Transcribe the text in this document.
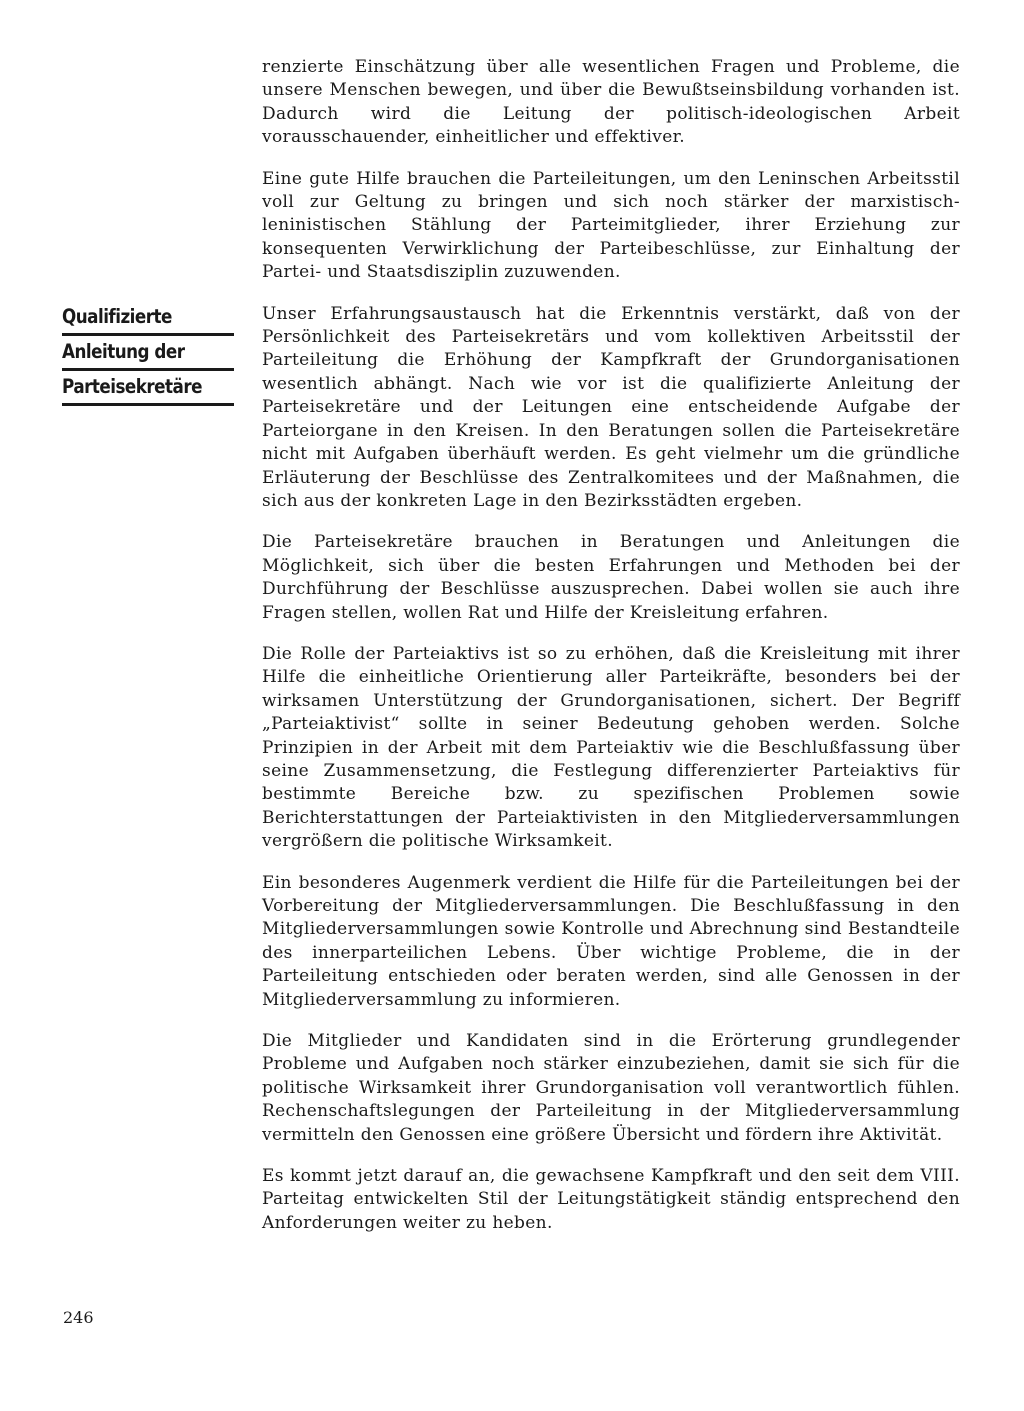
Qualifizierte
Anleitung der
Parteisekretäre

renzierte Einschätzung über alle wesentlichen Fragen und Probleme, die unsere Menschen bewegen, und über die Bewußtseinsbildung vorhanden ist. Dadurch wird die Leitung der politisch-ideologischen Arbeit vorausschauender, einheitlicher und effektiver.

Eine gute Hilfe brauchen die Parteileitungen, um den Leninschen Arbeitsstil voll zur Geltung zu bringen und sich noch stärker der marxistisch-leninistischen Stählung der Parteimitglieder, ihrer Erziehung zur konsequenten Verwirklichung der Parteibeschlüsse, zur Einhaltung der Partei- und Staatsdisziplin zuzuwenden.

Unser Erfahrungsaustausch hat die Erkenntnis verstärkt, daß von der Persönlichkeit des Parteisekretärs und vom kollektiven Arbeitsstil der Parteileitung die Erhöhung der Kampfkraft der Grundorganisationen wesentlich abhängt. Nach wie vor ist die qualifizierte Anleitung der Parteisekretäre und der Leitungen eine entscheidende Aufgabe der Parteiorgane in den Kreisen. In den Beratungen sollen die Parteisekretäre nicht mit Aufgaben überhäuft werden. Es geht vielmehr um die gründliche Erläuterung der Beschlüsse des Zentralkomitees und der Maßnahmen, die sich aus der konkreten Lage in den Bezirksstädten ergeben.

Die Parteisekretäre brauchen in Beratungen und Anleitungen die Möglichkeit, sich über die besten Erfahrungen und Methoden bei der Durchführung der Beschlüsse auszusprechen. Dabei wollen sie auch ihre Fragen stellen, wollen Rat und Hilfe der Kreisleitung erfahren.

Die Rolle der Parteiaktivs ist so zu erhöhen, daß die Kreisleitung mit ihrer Hilfe die einheitliche Orientierung aller Parteikräfte, besonders bei der wirksamen Unterstützung der Grundorganisationen, sichert. Der Begriff „Parteiaktivist“ sollte in seiner Bedeutung gehoben werden. Solche Prinzipien in der Arbeit mit dem Parteiaktiv wie die Beschlußfassung über seine Zusammensetzung, die Festlegung differenzierter Parteiaktivs für bestimmte Bereiche bzw. zu spezifischen Problemen sowie Berichterstattungen der Parteiaktivisten in den Mitgliederversammlungen vergrößern die politische Wirksamkeit.

Ein besonderes Augenmerk verdient die Hilfe für die Parteileitungen bei der Vorbereitung der Mitgliederversammlungen. Die Beschlußfassung in den Mitgliederversammlungen sowie Kontrolle und Abrechnung sind Bestandteile des innerparteilichen Lebens. Über wichtige Probleme, die in der Parteileitung entschieden oder beraten werden, sind alle Genossen in der Mitgliederversammlung zu informieren.

Die Mitglieder und Kandidaten sind in die Erörterung grundlegender Probleme und Aufgaben noch stärker einzubeziehen, damit sie sich für die politische Wirksamkeit ihrer Grundorganisation voll verantwortlich fühlen. Rechenschaftslegungen der Parteileitung in der Mitgliederversammlung vermitteln den Genossen eine größere Übersicht und fördern ihre Aktivität.

Es kommt jetzt darauf an, die gewachsene Kampfkraft und den seit dem VIII. Parteitag entwickelten Stil der Leitungstätigkeit ständig entsprechend den Anforderungen weiter zu heben.

246
